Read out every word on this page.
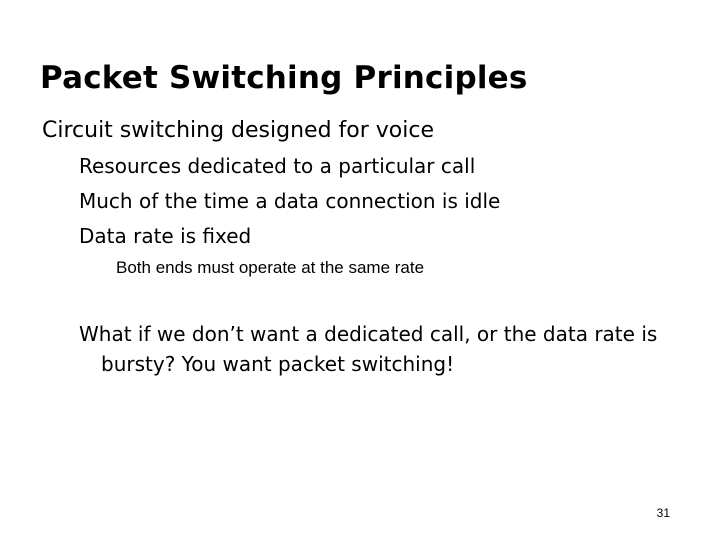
Packet Switching Principles

Circuit switching designed for voice

Resources dedicated to a particular call

Much of the time a data connection is idle

Data rate is fixed

Both ends must operate at the same rate

What if we don’t want a dedicated call, or the data rate is bursty? You want packet switching!

31
